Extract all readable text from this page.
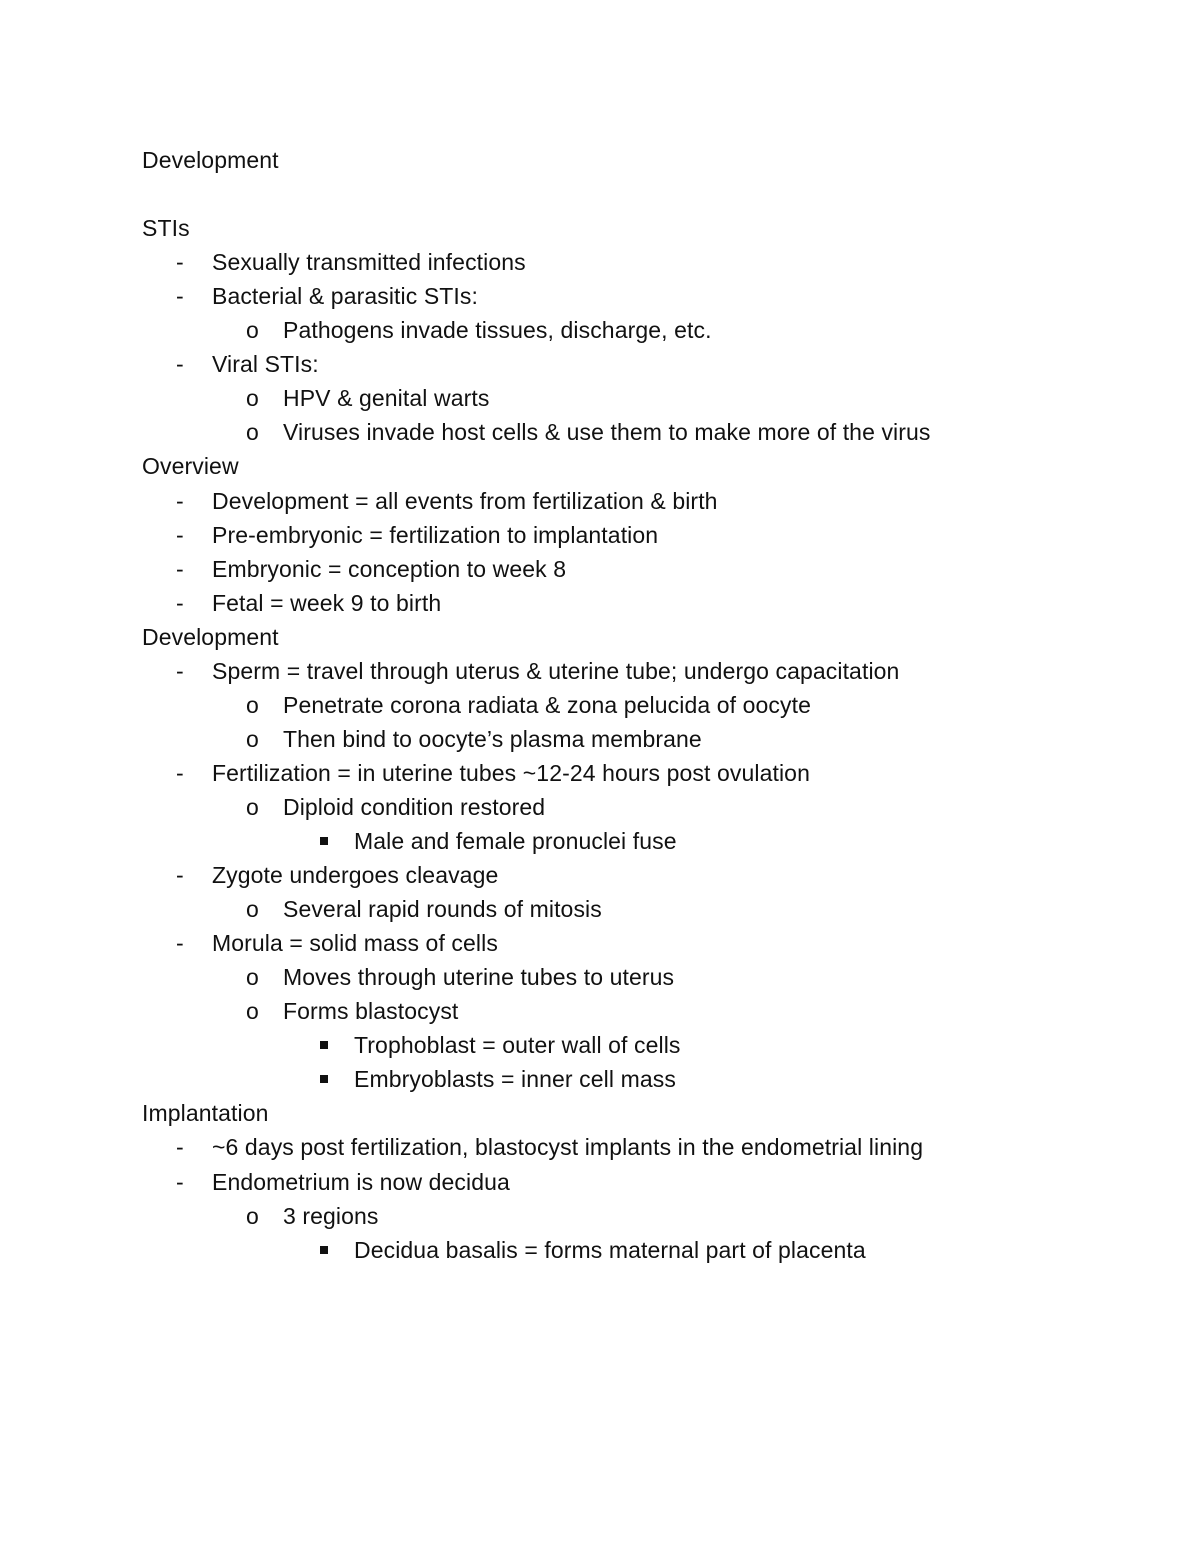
Development
STIs
- Sexually transmitted infections
- Bacterial & parasitic STIs:
o Pathogens invade tissues, discharge, etc.
- Viral STIs:
o HPV & genital warts
o Viruses invade host cells & use them to make more of the virus
Overview
- Development = all events from fertilization & birth
- Pre-embryonic = fertilization to implantation
- Embryonic = conception to week 8
- Fetal = week 9 to birth
Development
- Sperm = travel through uterus & uterine tube; undergo capacitation
o Penetrate corona radiata & zona pelucida of oocyte
o Then bind to oocyte’s plasma membrane
- Fertilization = in uterine tubes ~12-24 hours post ovulation
o Diploid condition restored
Male and female pronuclei fuse
- Zygote undergoes cleavage
o Several rapid rounds of mitosis
- Morula = solid mass of cells
o Moves through uterine tubes to uterus
o Forms blastocyst
Trophoblast = outer wall of cells
Embryoblasts = inner cell mass
Implantation
- ~6 days post fertilization, blastocyst implants in the endometrial lining
- Endometrium is now decidua
o 3 regions
Decidua basalis = forms maternal part of placenta
